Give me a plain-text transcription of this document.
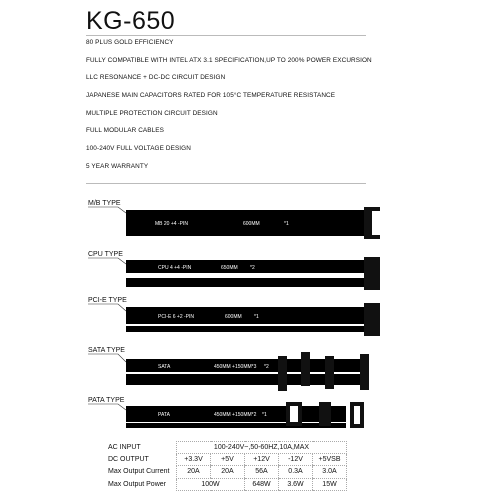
KG-650
80 PLUS GOLD EFFICIENCY
FULLY COMPATIBLE WITH INTEL ATX 3.1 SPECIFICATION,UP TO 200% POWER EXCURSION
LLC RESONANCE + DC-DC CIRCUIT DESIGN
JAPANESE MAIN CAPACITORS RATED FOR 105°C TEMPERATURE RESISTANCE
MULTIPLE PROTECTION CIRCUIT DESIGN
FULL MODULAR CABLES
100-240V FULL VOLTAGE DESIGN
5 YEAR WARRANTY
M/B TYPE
MB 20 +4 -PIN	600MM	*1
CPU TYPE
CPU 4 +4 -PIN	650MM *2
PCI-E TYPE
PCI-E 6 +2 -PIN	600MM *1
SATA TYPE
SATA	450MM +150MM*3 *2
PATA TYPE
PATA	450MM +150MM*2 *1
AC INPUT	100-240V~,50-60HZ,10A,MAX				
DC OUTPUT	+3.3V	+5V	+12V	-12V	+5VSB
Max Output Current	20A	20A	56A	0.3A	3.0A
Max Output Power	100W		648W	3.6W	15W
